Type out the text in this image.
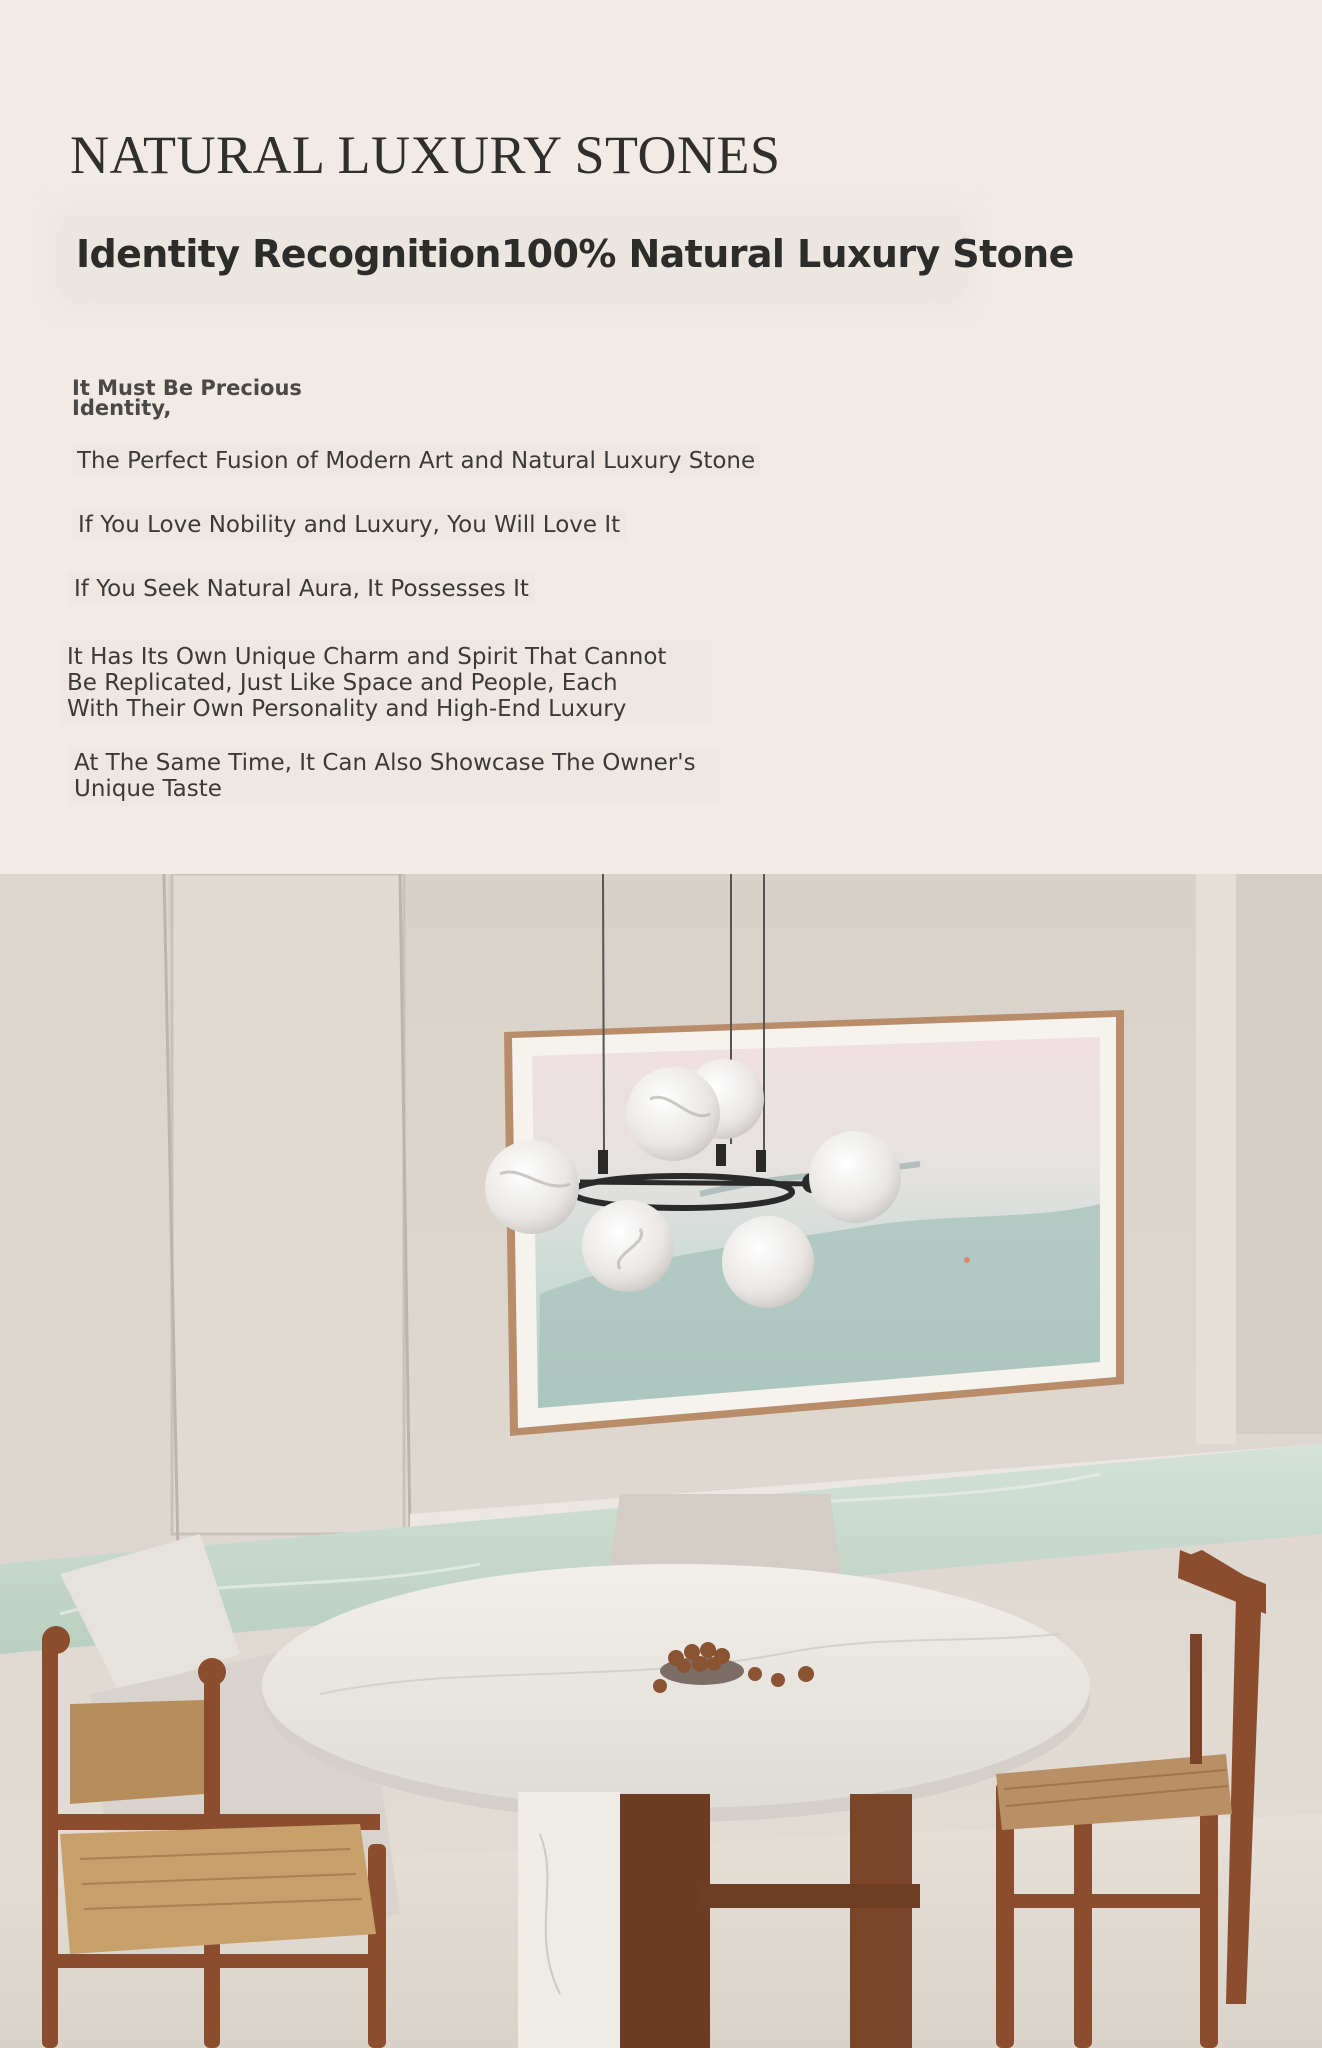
NATURAL LUXURY STONES
Identity Recognition100% Natural Luxury Stone
It Must Be Precious
Identity,
The Perfect Fusion of Modern Art and Natural Luxury Stone
If You Love Nobility and Luxury, You Will Love It
If You Seek Natural Aura, It Possesses It
It Has Its Own Unique Charm and Spirit That Cannot
Be Replicated, Just Like Space and People, Each
With Their Own Personality and High-End Luxury
At The Same Time, It Can Also Showcase The Owner's
Unique Taste
